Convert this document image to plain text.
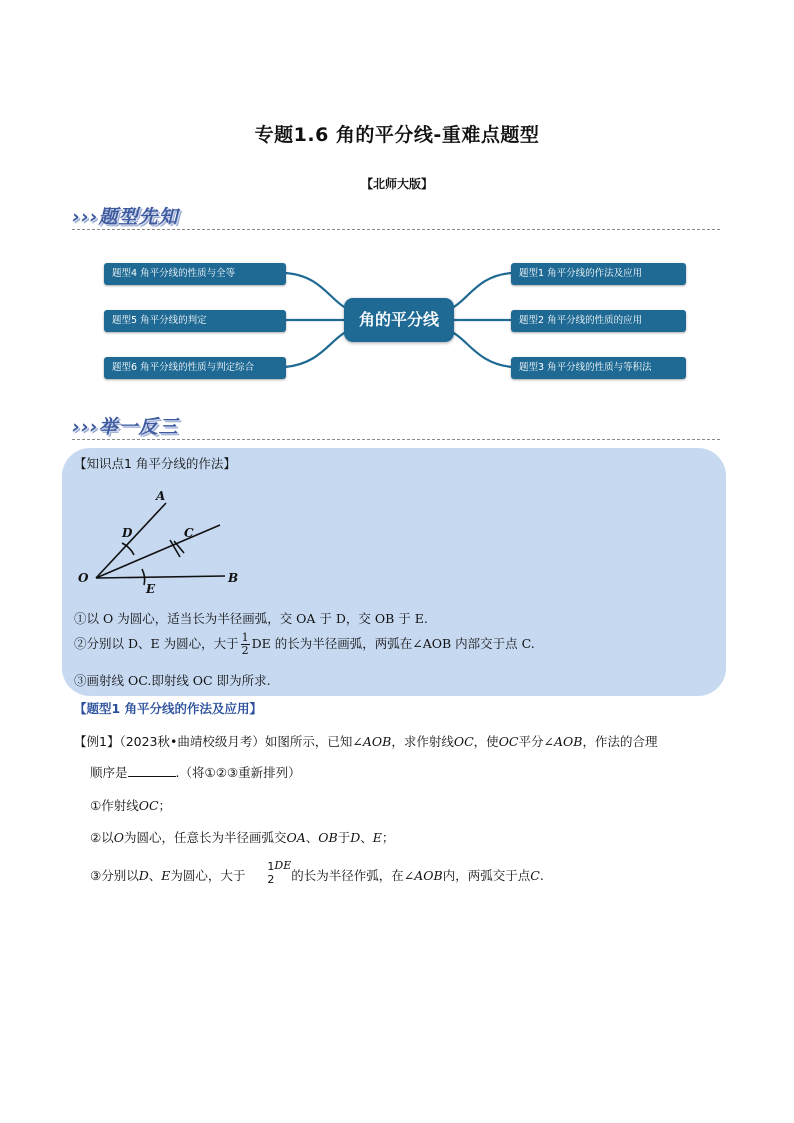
专题1.6 角的平分线-重难点题型
【北师大版】
›››题型先知
题型4 角平分线的性质与全等
题型5 角平分线的判定
题型6 角平分线的性质与判定综合
题型1 角平分线的作法及应用
题型2 角平分线的性质的应用
题型3 角平分线的性质与等积法
角的平分线
›››举一反三
【知识点1 角平分线的作法】
A
C
D
O
E
B
①以 O 为圆心，适当长为半径画弧，交 OA 于 D，交 OB 于 E.
②分别以 D、E 为圆心，大于 $\frac{1}{2}$ DE 的长为半径画弧，两弧在∠AOB 内部交于点 C.
③画射线 OC.即射线 OC 即为所求.
【题型1 角平分线的作法及应用】
【例1】（2023秋•曲靖校级月考）如图所示，已知∠AOB，求作射线OC，使OC平分∠AOB，作法的合理
顺序是	.（将①②③重新排列）
①作射线OC；
②以O为圆心，任意长为半径画弧交OA、OB于D、E；
③分别以D、E为圆心，大于
1
2
DE的长为半径作弧，在∠AOB内，两弧交于点C.
